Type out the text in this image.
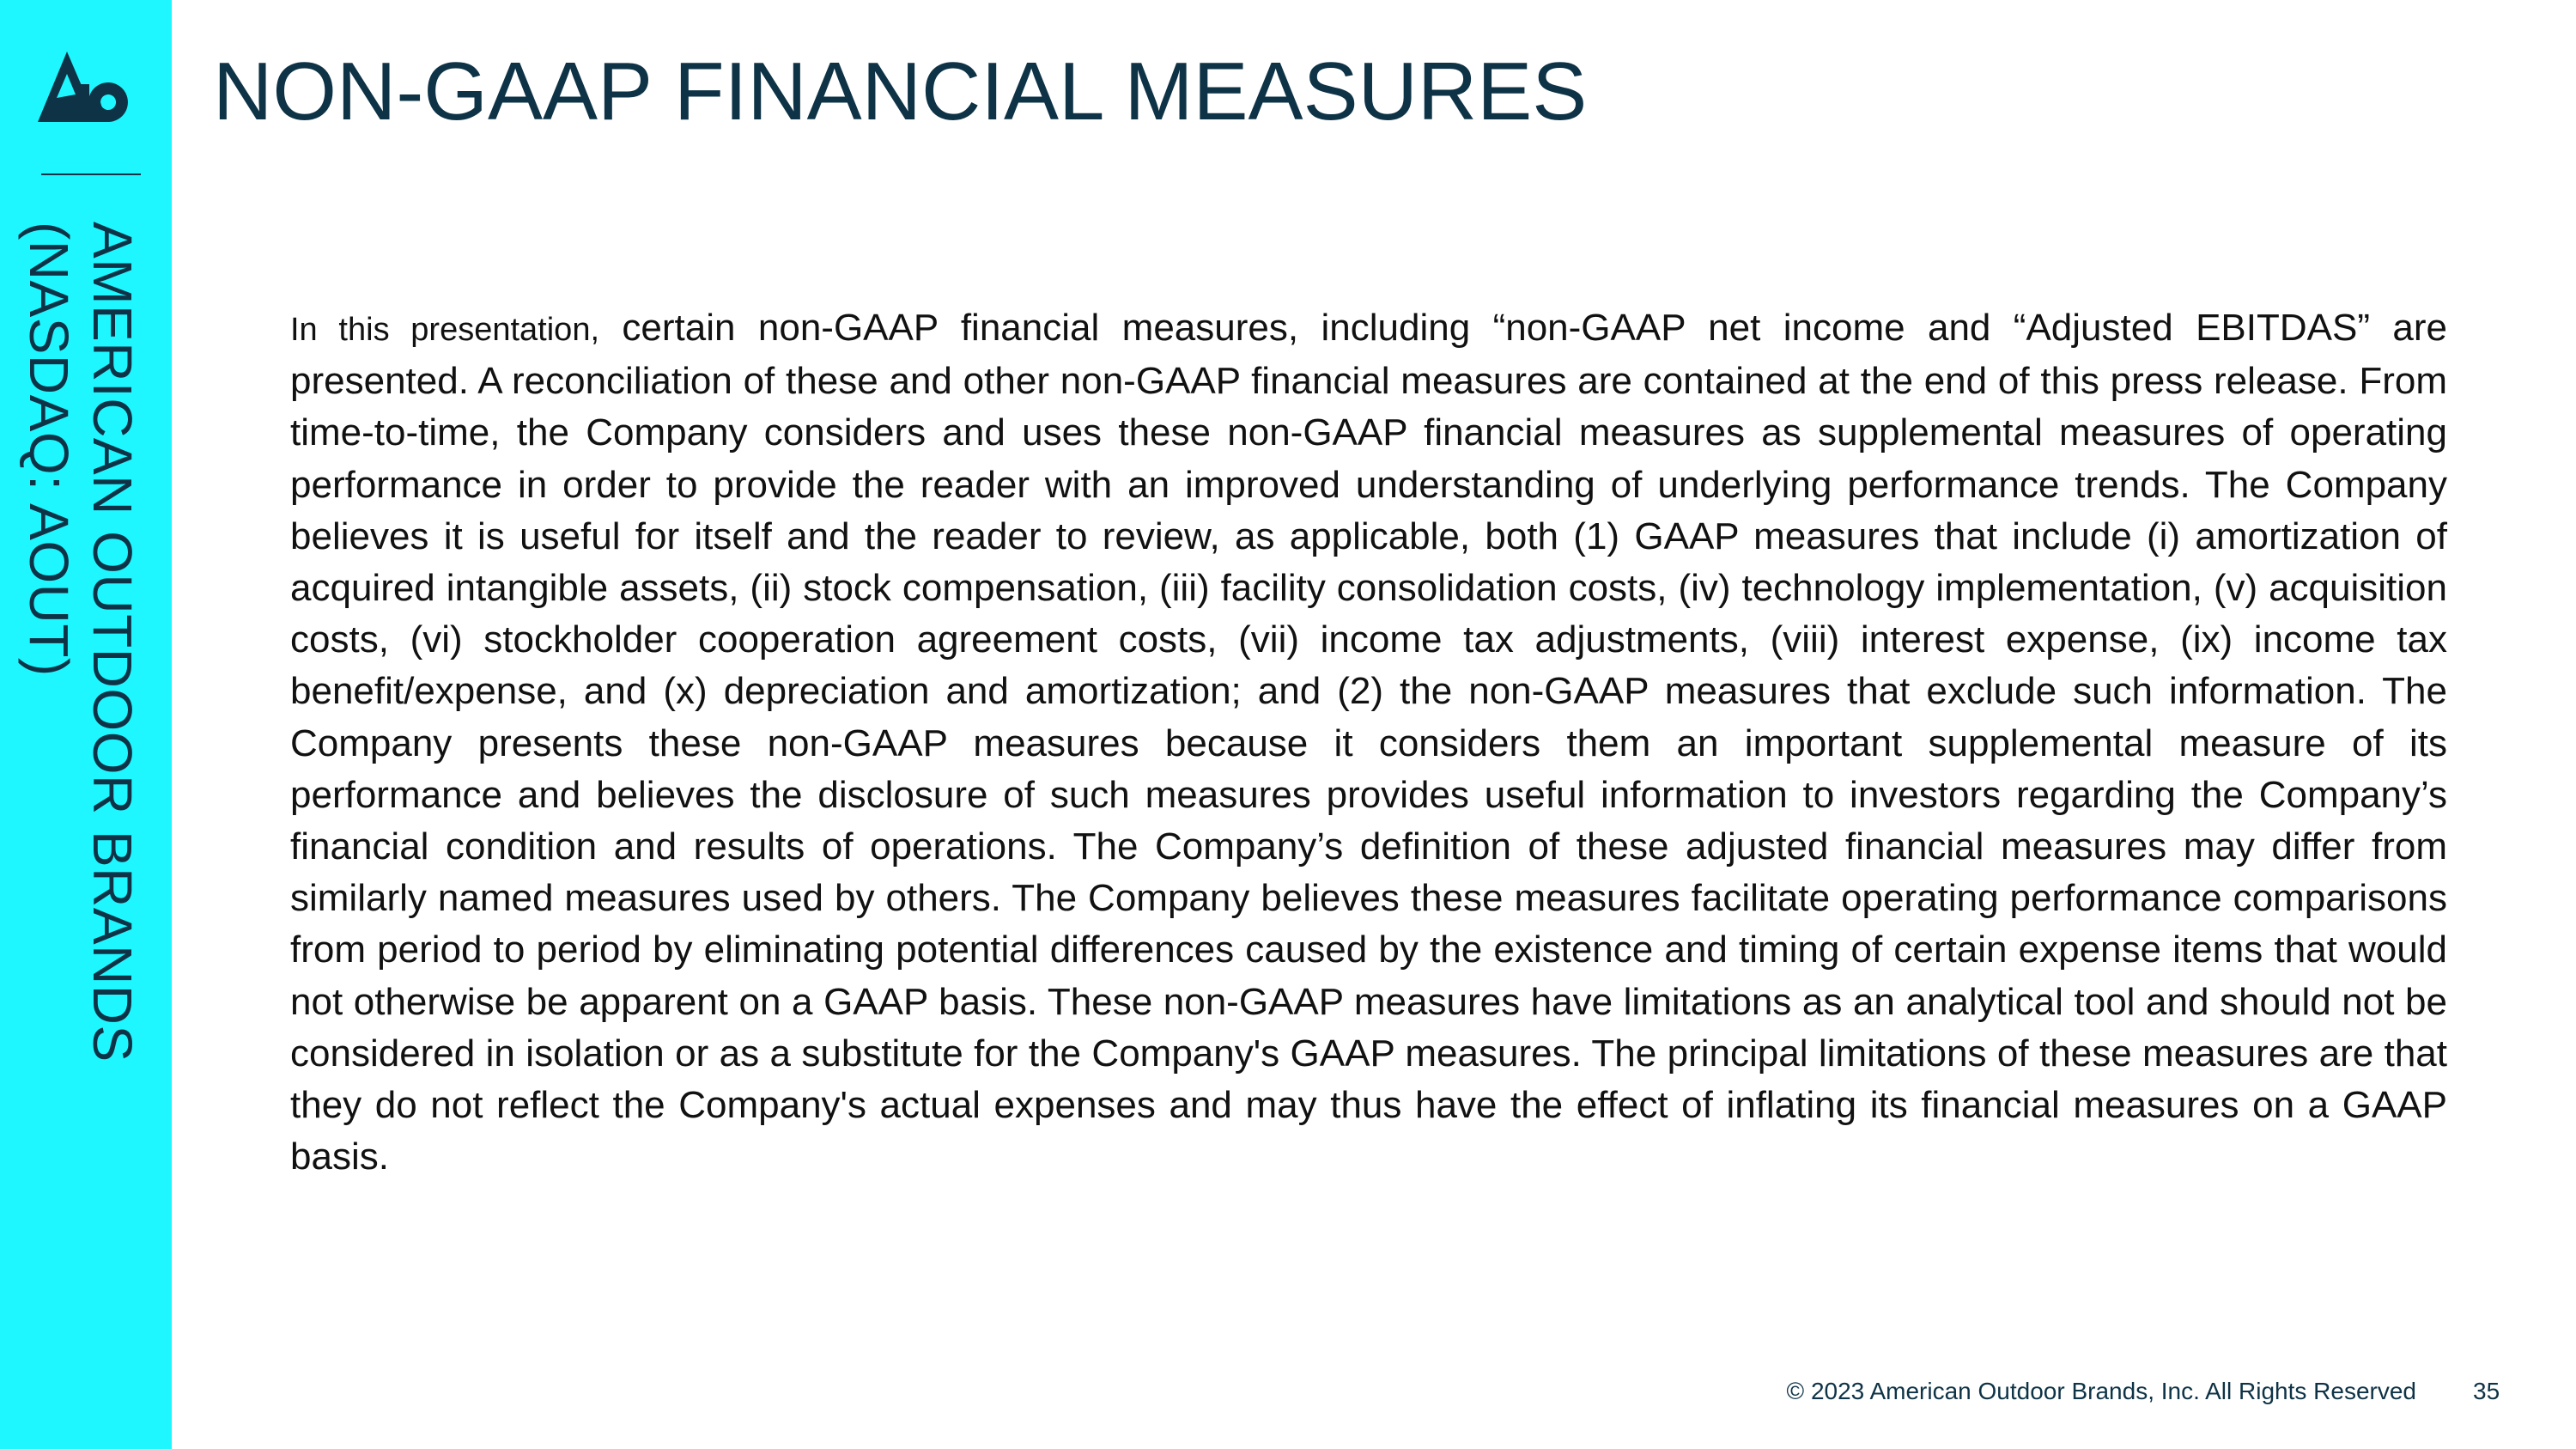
AMERICAN OUTDOOR BRANDS (NASDAQ: AOUT)
NON-GAAP FINANCIAL MEASURES

In this presentation, certain non-GAAP financial measures, including “non-GAAP net income and “Adjusted EBITDAS” are presented. A reconciliation of these and other non-GAAP financial measures are contained at the end of this press release. From time-to-time, the Company considers and uses these non-GAAP financial measures as supplemental measures of operating performance in order to provide the reader with an improved understanding of underlying performance trends. The Company believes it is useful for itself and the reader to review, as applicable, both (1) GAAP measures that include (i) amortization of acquired intangible assets, (ii) stock compensation, (iii) facility consolidation costs, (iv) technology implementation, (v) acquisition costs, (vi) stockholder cooperation agreement costs, (vii) income tax adjustments, (viii) interest expense, (ix) income tax benefit/expense, and (x) depreciation and amortization; and (2) the non-GAAP measures that exclude such information. The Company presents these non-GAAP measures because it considers them an important supplemental measure of its performance and believes the disclosure of such measures provides useful information to investors regarding the Company’s financial condition and results of operations. The Company’s definition of these adjusted financial measures may differ from similarly named measures used by others. The Company believes these measures facilitate operating performance comparisons from period to period by eliminating potential differences caused by the existence and timing of certain expense items that would not otherwise be apparent on a GAAP basis. These non-GAAP measures have limitations as an analytical tool and should not be considered in isolation or as a substitute for the Company's GAAP measures. The principal limitations of these measures are that they do not reflect the Company's actual expenses and may thus have the effect of inflating its financial measures on a GAAP basis.

© 2023 American Outdoor Brands, Inc. All Rights Reserved 35
